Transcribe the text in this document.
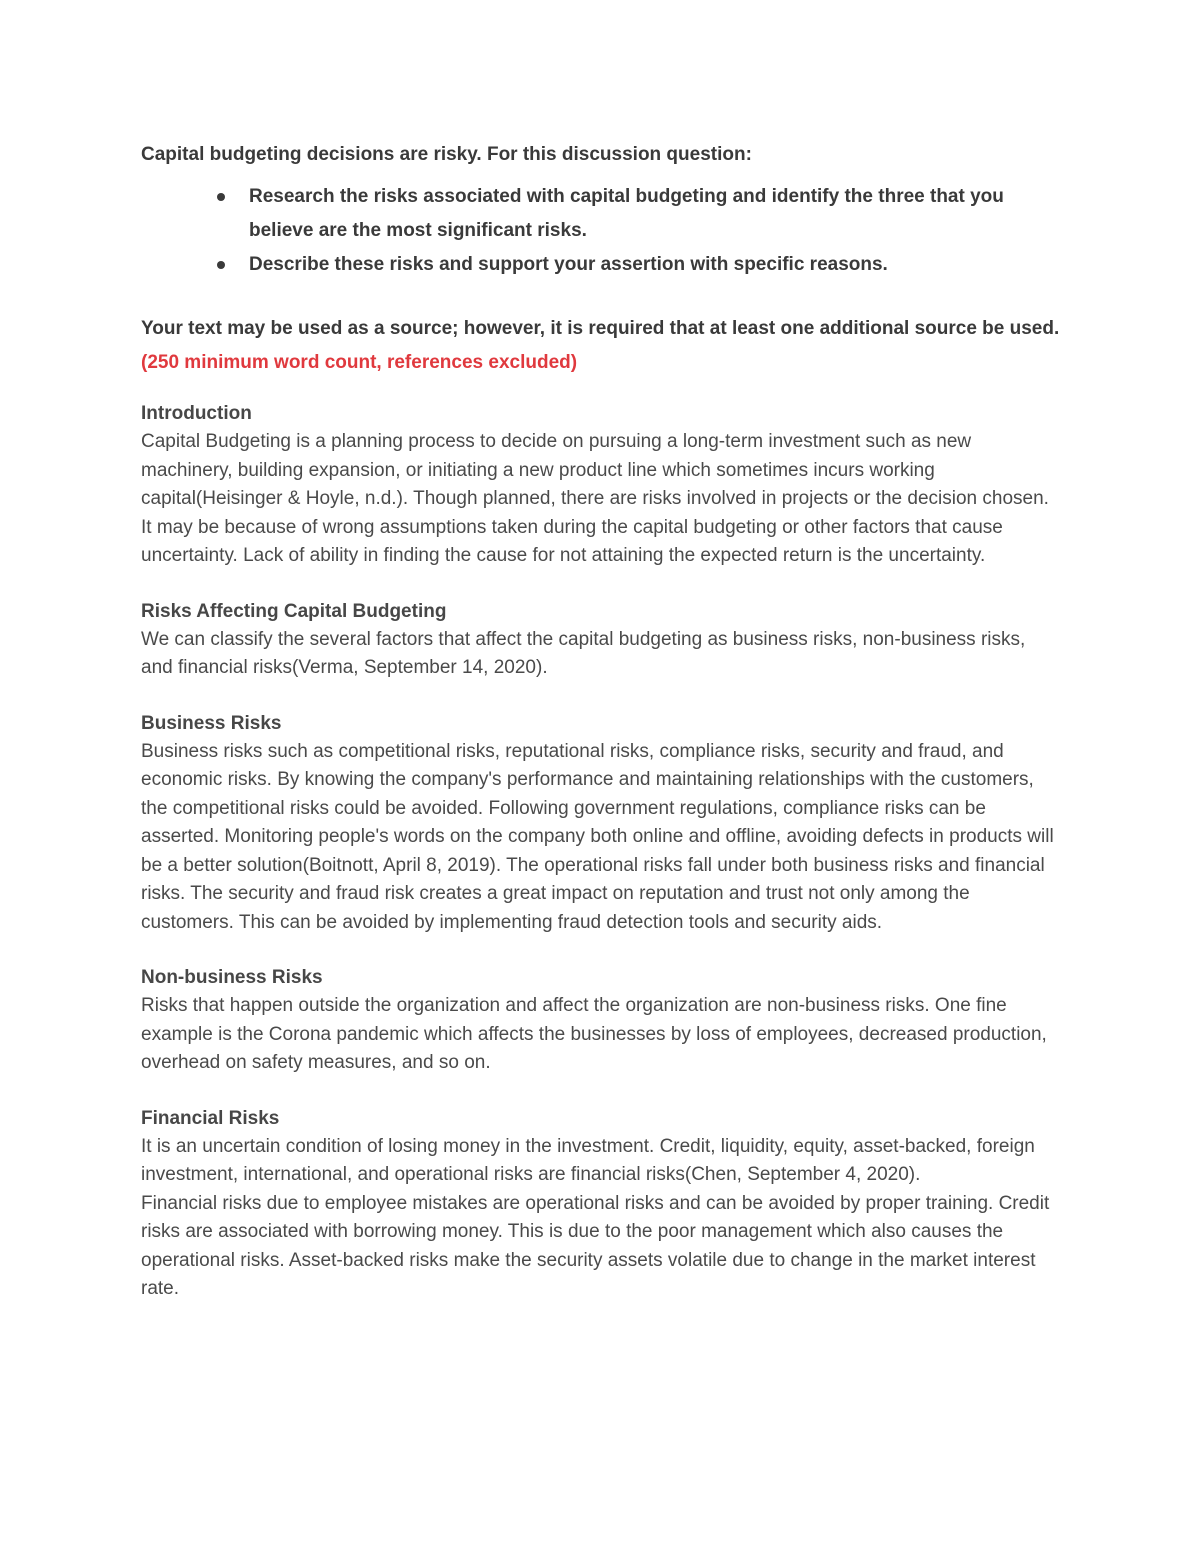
Capital budgeting decisions are risky. For this discussion question:

Research the risks associated with capital budgeting and identify the three that you believe are the most significant risks.
Describe these risks and support your assertion with specific reasons.

Your text may be used as a source; however, it is required that at least one additional source be used. (250 minimum word count, references excluded)

Introduction

Capital Budgeting is a planning process to decide on pursuing a long-term investment such as new machinery, building expansion, or initiating a new product line which sometimes incurs working capital(Heisinger & Hoyle, n.d.). Though planned, there are risks involved in projects or the decision chosen. It may be because of wrong assumptions taken during the capital budgeting or other factors that cause uncertainty. Lack of ability in finding the cause for not attaining the expected return is the uncertainty.

Risks Affecting Capital Budgeting

We can classify the several factors that affect the capital budgeting as business risks, non-business risks, and financial risks(Verma, September 14, 2020).

Business Risks

Business risks such as competitional risks, reputational risks, compliance risks, security and fraud, and economic risks. By knowing the company's performance and maintaining relationships with the customers, the competitional risks could be avoided. Following government regulations, compliance risks can be asserted. Monitoring people's words on the company both online and offline, avoiding defects in products will be a better solution(Boitnott, April 8, 2019). The operational risks fall under both business risks and financial risks. The security and fraud risk creates a great impact on reputation and trust not only among the customers. This can be avoided by implementing fraud detection tools and security aids.

Non-business Risks

Risks that happen outside the organization and affect the organization are non-business risks. One fine example is the Corona pandemic which affects the businesses by loss of employees, decreased production, overhead on safety measures, and so on.

Financial Risks

It is an uncertain condition of losing money in the investment. Credit, liquidity, equity, asset-backed, foreign investment, international, and operational risks are financial risks(Chen, September 4, 2020).

Financial risks due to employee mistakes are operational risks and can be avoided by proper training. Credit risks are associated with borrowing money. This is due to the poor management which also causes the operational risks. Asset-backed risks make the security assets volatile due to change in the market interest rate.
